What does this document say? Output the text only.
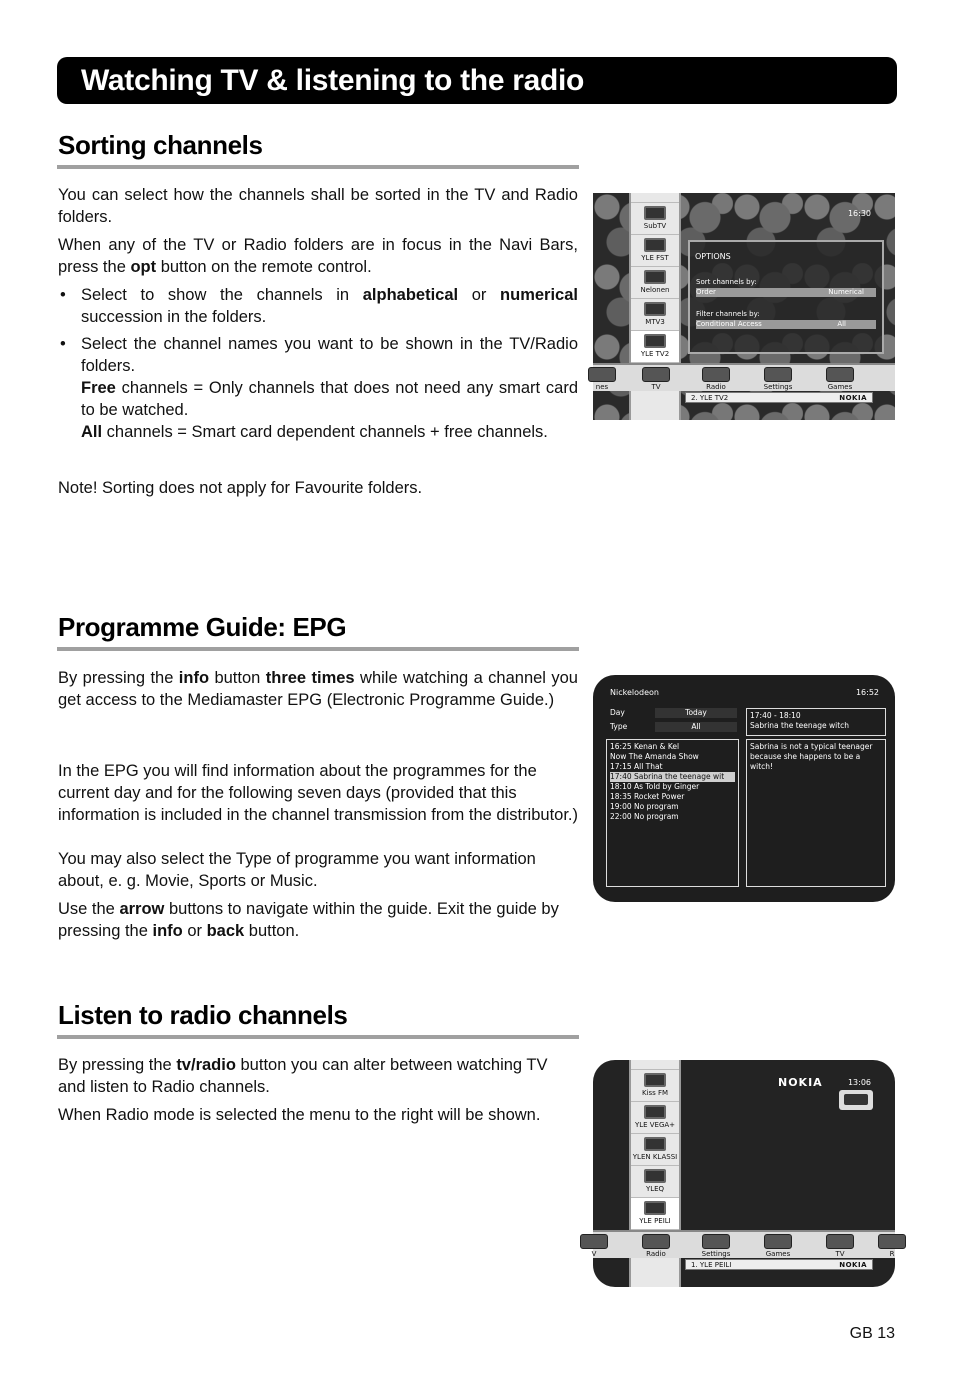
Watching TV & listening to the radio
Sorting channels

You can select how the channels shall be sorted in the TV and Radio folders.

When any of the TV or Radio folders are in focus in the Navi Bars, press the opt button on the remote control.

• Select to show the channels in alphabetical or numerical succession in the folders.
• Select the channel names you want to be shown in the TV/Radio folders.
Free channels = Only channels that does not need any smart card to be watched.
All channels = Smart card dependent channels + free channels.
Note! Sorting does not apply for Favourite folders.
16:30
SubTV
YLE FST
Nelonen
MTV3
YLE TV2
OPTIONS
Sort channels by:
Order	Numerical
Filter channels by:
Conditional Access	All
nes	TV	Radio	Settings	Games
2. YLE TV2	NOKIA
Programme Guide: EPG
By pressing the info button three times while watching a channel you get access to the Mediamaster EPG (Electronic Programme Guide.)
In the EPG you will find information about the programmes for the current day and for the following seven days (provided that this information is included in the channel transmission from the distributor.)
You may also select the Type of programme you want information about, e. g. Movie, Sports or Music.
Use the arrow buttons to navigate within the guide. Exit the guide by pressing the info or back button.
Nickelodeon	16:52
Day	Today
Type	All
17:40 - 18:10
Sabrina the teenage witch
Sabrina is not a typical teenager because she happens to be a witch!
16:25 Kenan & Kel
Now The Amanda Show
17:15 All That
17:40 Sabrina the teenage wit
18:10 As Told by Ginger
18:35 Rocket Power
19:00 No program
22:00 No program
Listen to radio channels
By pressing the tv/radio button you can alter between watching TV and listen to Radio channels.
When Radio mode is selected the menu to the right will be shown.
NOKIA	13:06
Kiss FM
YLE VEGA+
YLEN KLASSI
YLEQ
YLE PEILI
V	Radio	Settings	Games	TV	R
1. YLE PEILI	NOKIA
GB 13
